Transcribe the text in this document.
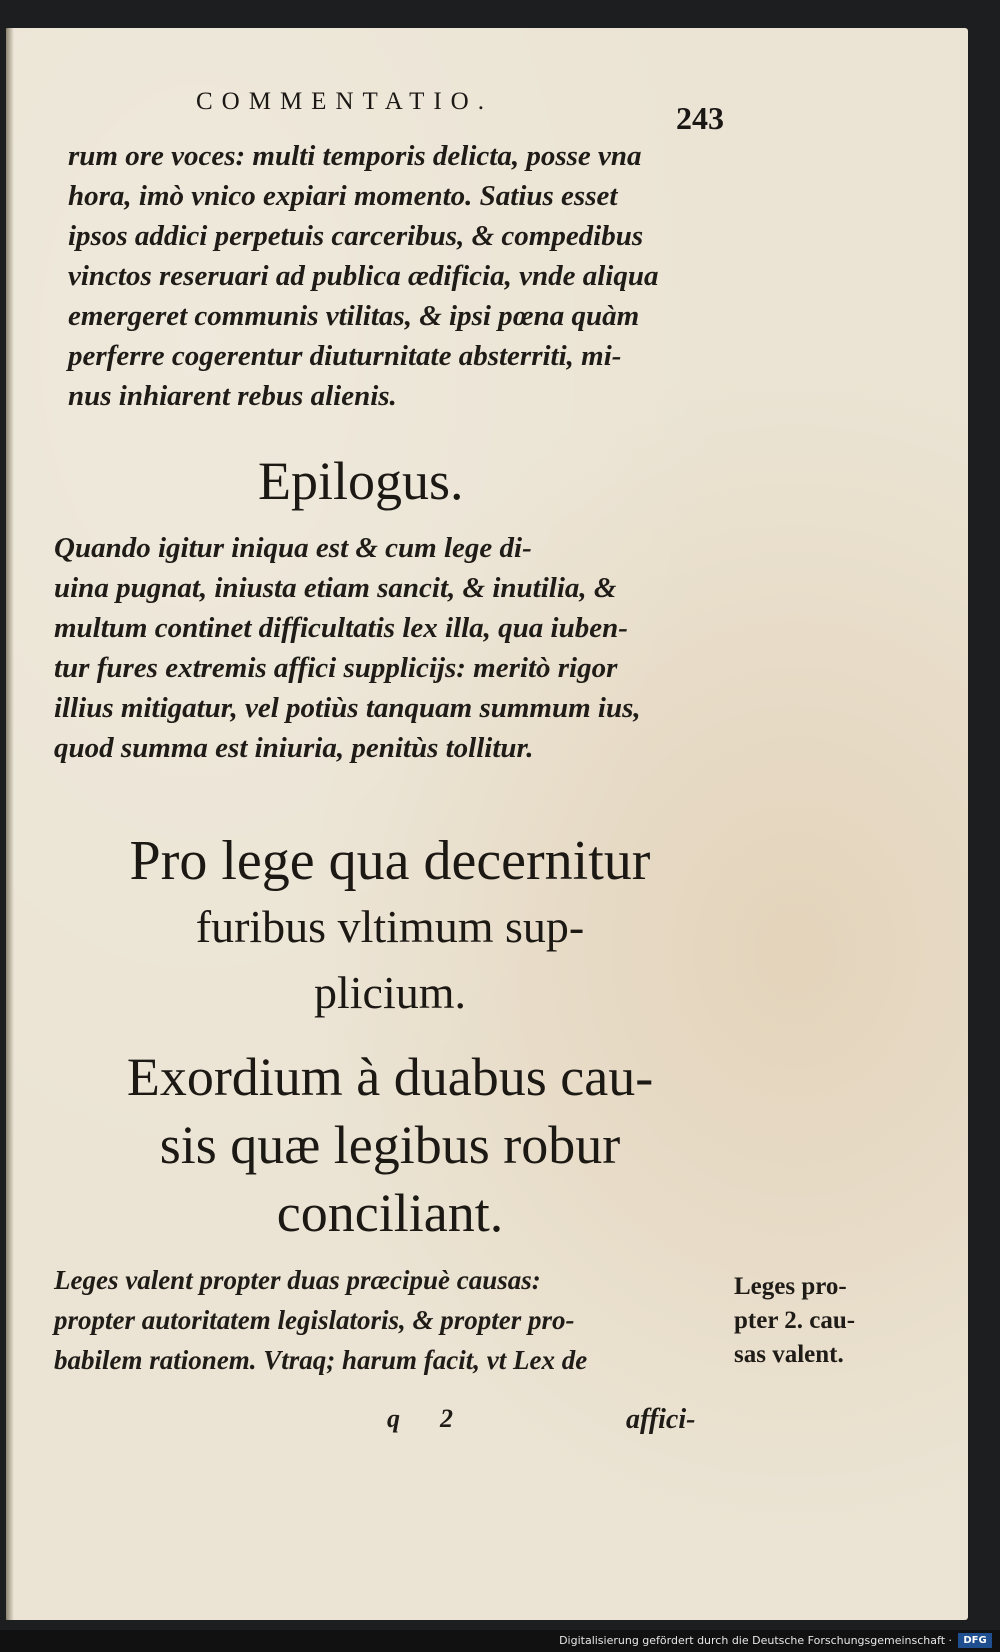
COMMENTATIO.	243
rum ore voces: multi temporis delicta, posse vna
hora, imò vnico expiari momento. Satius esset
ipsos addici perpetuis carceribus, & compedibus
vinctos reseruari ad publica ædificia, vnde aliqua
emergeret communis vtilitas, & ipsi pœna quàm
perferre cogerentur diuturnitate absterriti, mi-
nus inhiarent rebus alienis.
Epilogus.
Quando igitur iniqua est & cum lege di-
uina pugnat, iniusta etiam sancit, & inutilia, &
multum continet difficultatis lex illa, qua iuben-
tur fures extremis affici supplicijs: meritò rigor
illius mitigatur, vel potiùs tanquam summum ius,
quod summa est iniuria, penitùs tollitur.
Pro lege qua decernitur
furibus vltimum sup-
plicium.
Exordium à duabus cau-
sis quæ legibus robur
conciliant.
Leges valent propter duas præcipuè causas:
propter autoritatem legislatoris, & propter pro-
babilem rationem. Vtraq; harum facit, vt Lex de
Leges pro-
pter 2. cau-
sas valent.
q 2	affici-
Digitalisierung gefördert durch die Deutsche Forschungsgemeinschaft ·	DFG
